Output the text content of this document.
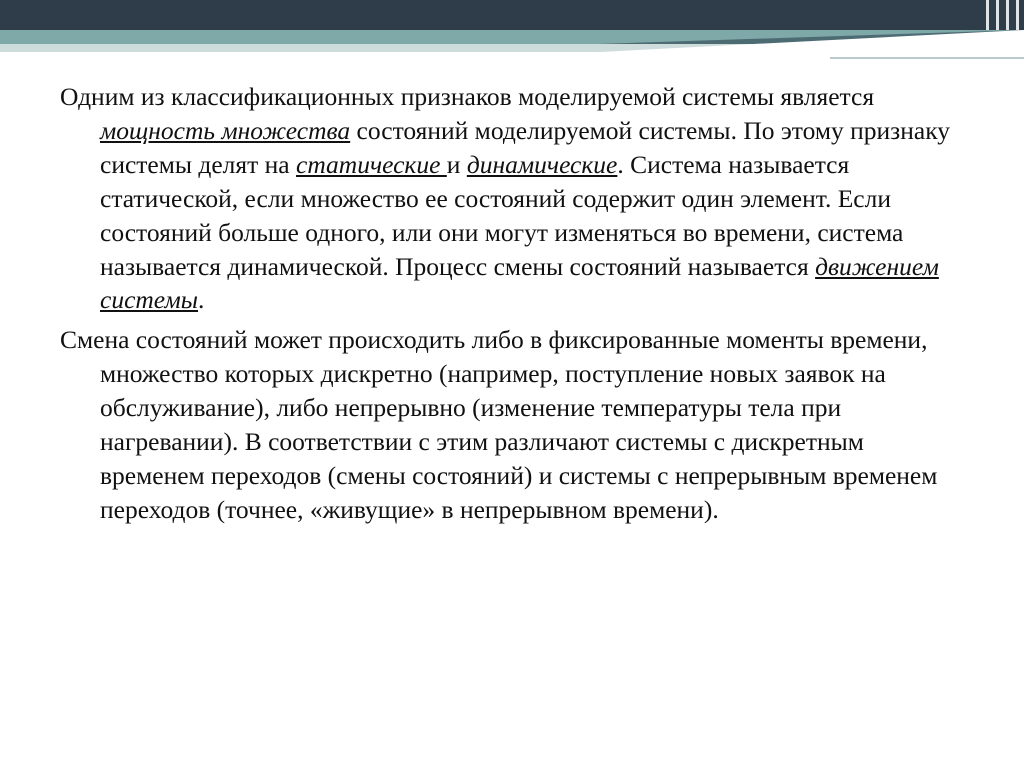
Одним из классификационных признаков моделируемой системы является мощность множества состояний моделируемой системы. По этому признаку системы делят на статические и динамические. Система называется статической, если множество ее состояний содержит один элемент. Если состояний больше одного, или они могут изменяться во времени, система называется динамической. Процесс смены состояний называется движением системы.

Смена состояний может происходить либо в фиксированные моменты времени, множество которых дискретно (например, поступление новых заявок на обслуживание), либо непрерывно (изменение температуры тела при нагревании). В соответствии с этим различают системы с дискретным временем переходов (смены состояний) и системы с непрерывным временем переходов (точнее, «живущие» в непрерывном времени).
